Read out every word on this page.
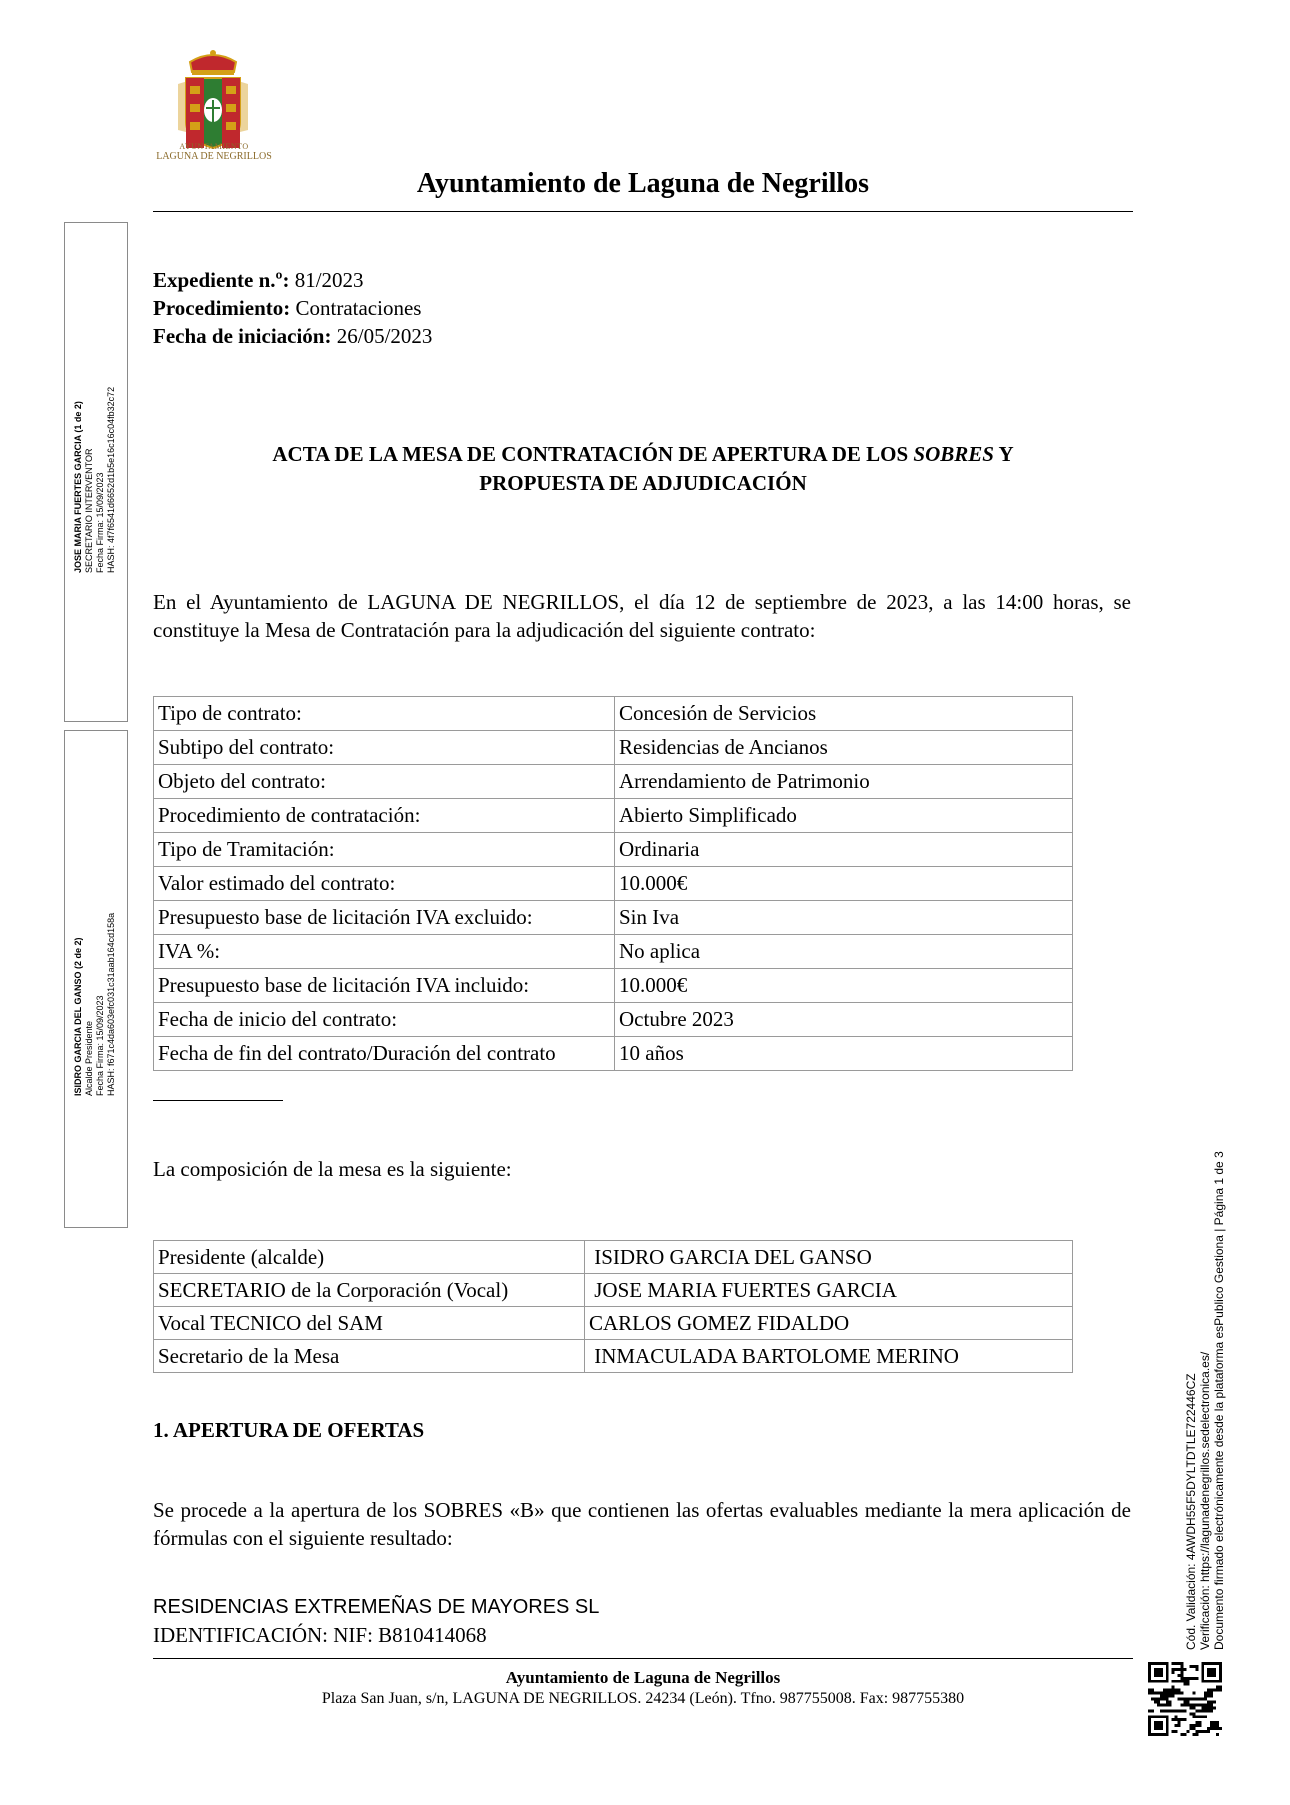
AYUNTAMIENTO
LAGUNA DE NEGRILLOS
Ayuntamiento de Laguna de Negrillos
JOSE MARIA FUERTES GARCIA (1 de 2) SECRETARIO INTERVENTOR Fecha Firma: 15/09/2023 HASH: 4f7f6541d6652d1b5e16c16c04fb32c72
ISIDRO GARCIA DEL GANSO (2 de 2) Alcalde Presidente Fecha Firma: 15/09/2023 HASH: f671c4da603efc031c31aab164cd158a
Expediente n.º: 81/2023
Procedimiento: Contrataciones
Fecha de iniciación: 26/05/2023
ACTA DE LA MESA DE CONTRATACIÓN DE APERTURA DE LOS SOBRES Y
PROPUESTA DE ADJUDICACIÓN
En el Ayuntamiento de LAGUNA DE NEGRILLOS, el día 12 de septiembre de 2023, a las 14:00 horas, se constituye la Mesa de Contratación para la adjudicación del siguiente contrato:
Tipo de contrato:	Concesión de Servicios
Subtipo del contrato:	Residencias de Ancianos
Objeto del contrato:	Arrendamiento de Patrimonio
Procedimiento de contratación:	Abierto Simplificado
Tipo de Tramitación:	Ordinaria
Valor estimado del contrato:	10.000€
Presupuesto base de licitación IVA excluido:	Sin Iva
IVA %:	No aplica
Presupuesto base de licitación IVA incluido:	10.000€
Fecha de inicio del contrato:	Octubre 2023
Fecha de fin del contrato/Duración del contrato	10 años
La composición de la mesa es la siguiente:
Presidente (alcalde)	ISIDRO GARCIA DEL GANSO
SECRETARIO de la Corporación (Vocal)	JOSE MARIA FUERTES GARCIA
Vocal TECNICO del SAM	CARLOS GOMEZ FIDALDO
Secretario de la Mesa	INMACULADA BARTOLOME MERINO
1. APERTURA DE OFERTAS
Se procede a la apertura de los SOBRES «B» que contienen las ofertas evaluables mediante la mera aplicación de fórmulas con el siguiente resultado:
RESIDENCIAS EXTREMEÑAS DE MAYORES SL
IDENTIFICACIÓN: NIF: B810414068
Ayuntamiento de Laguna de Negrillos
Plaza San Juan, s/n, LAGUNA DE NEGRILLOS. 24234 (León). Tfno. 987755008. Fax: 987755380
Cód. Validación: 4AWDH55F5DYLTDTLE722446CZ Verificación: https://lagunadenegrillos.sedelectronica.es/ Documento firmado electrónicamente desde la plataforma esPublico Gestiona | Página 1 de 3
